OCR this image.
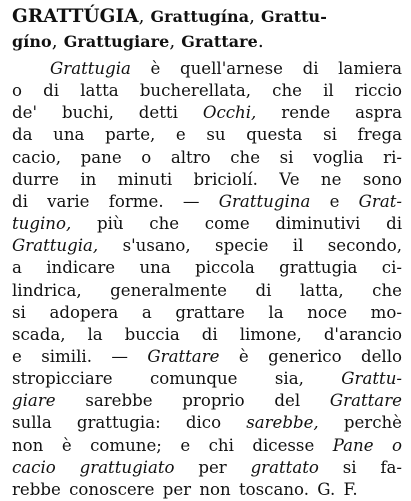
GRATTÚGIA, Grattugína, Grattu-
gíno, Grattugiare, Grattare.
Grattugia è quell'arnese di lamiera
o di latta bucherellata, che il riccio
de' buchi, detti Occhi, rende aspra
da una parte, e su questa si frega
cacio, pane o altro che si voglia ri-
durre in minuti briciolí. Ve ne sono
di varie forme. — Grattugina e Grat-
tugino, più che come diminutivi di
Grattugia, s'usano, specie il secondo,
a indicare una piccola grattugia ci-
lindrica, generalmente di latta, che
si adopera a grattare la noce mo-
scada, la buccia di limone, d'arancio
e simili. — Grattare è generico dello
stropicciare comunque sia, Grattu-
giare sarebbe proprio del Grattare
sulla grattugia: dico sarebbe, perchè
non è comune; e chi dicesse Pane o
cacio grattugiato per grattato si fa-
rebbe conoscere per non toscano. G. F.
